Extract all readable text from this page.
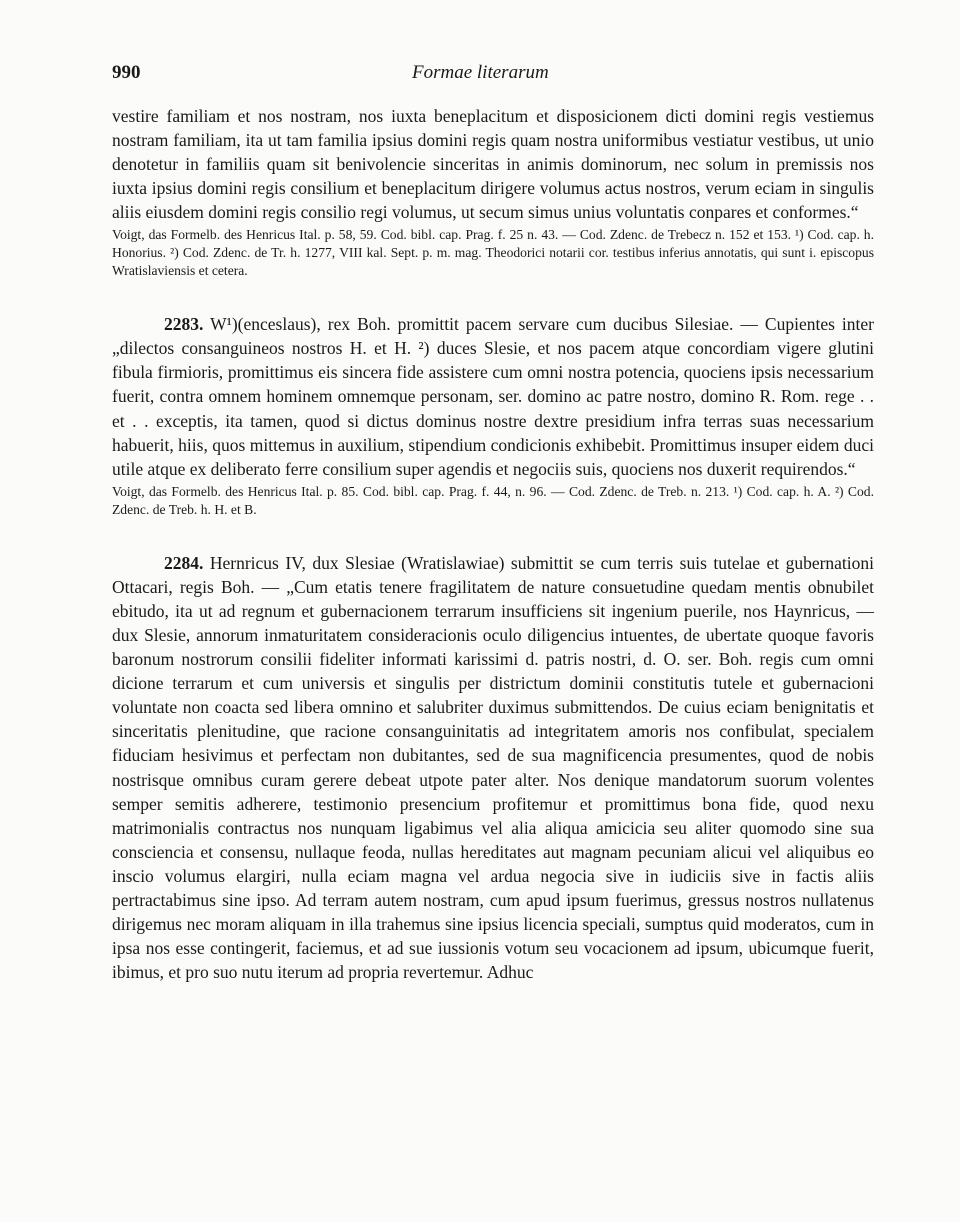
990	Formae literarum

vestire familiam et nos nostram, nos iuxta beneplacitum et disposicionem dicti domini regis vestiemus nostram familiam, ita ut tam familia ipsius domini regis quam nostra uniformibus vestiatur vestibus, ut unio denotetur in familiis quam sit benivolencie sinceritas in animis dominorum, nec solum in premissis nos iuxta ipsius domini regis consilium et beneplacitum dirigere volumus actus nostros, verum eciam in singulis aliis eiusdem domini regis consilio regi volumus, ut secum simus unius voluntatis conpares et conformes.“

Voigt, das Formelb. des Henricus Ital. p. 58, 59. Cod. bibl. cap. Prag. f. 25 n. 43. — Cod. Zdenc. de Trebecz n. 152 et 153. ¹) Cod. cap. h. Honorius. ²) Cod. Zdenc. de Tr. h. 1277, VIII kal. Sept. p. m. mag. Theodorici notarii cor. testibus inferius annotatis, qui sunt i. episcopus Wratislaviensis et cetera.

2283. W¹)(enceslaus), rex Boh. promittit pacem servare cum ducibus Silesiae. — Cupientes inter „dilectos consanguineos nostros H. et H. ²) duces Slesie, et nos pacem atque concordiam vigere glutini fibula firmioris, promittimus eis sincera fide assistere cum omni nostra potencia, quociens ipsis necessarium fuerit, contra omnem hominem omnemque personam, ser. domino ac patre nostro, domino R. Rom. rege . . et . . exceptis, ita tamen, quod si dictus dominus nostre dextre presidium infra terras suas necessarium habuerit, hiis, quos mittemus in auxilium, stipendium condicionis exhibebit. Promittimus insuper eidem duci utile atque ex deliberato ferre consilium super agendis et negociis suis, quociens nos duxerit requirendos.“

Voigt, das Formelb. des Henricus Ital. p. 85. Cod. bibl. cap. Prag. f. 44, n. 96. — Cod. Zdenc. de Treb. n. 213. ¹) Cod. cap. h. A. ²) Cod. Zdenc. de Treb. h. H. et B.

2284. Hernricus IV, dux Slesiae (Wratislawiae) submittit se cum terris suis tutelae et gubernationi Ottacari, regis Boh. — „Cum etatis tenere fragilitatem de nature consuetudine quedam mentis obnubilet ebitudo, ita ut ad regnum et gubernacionem terrarum insufficiens sit ingenium puerile, nos Haynricus, — dux Slesie, annorum inmaturitatem consideracionis oculo diligencius intuentes, de ubertate quoque favoris baronum nostrorum consilii fideliter informati karissimi d. patris nostri, d. O. ser. Boh. regis cum omni dicione terrarum et cum universis et singulis per districtum dominii constitutis tutele et gubernacioni voluntate non coacta sed libera omnino et salubriter duximus submittendos. De cuius eciam benignitatis et sinceritatis plenitudine, que racione consanguinitatis ad integritatem amoris nos confibulat, specialem fiduciam hesivimus et perfectam non dubitantes, sed de sua magnificencia presumentes, quod de nobis nostrisque omnibus curam gerere debeat utpote pater alter. Nos denique mandatorum suorum volentes semper semitis adherere, testimonio presencium profitemur et promittimus bona fide, quod nexu matrimonialis contractus nos nunquam ligabimus vel alia aliqua amicicia seu aliter quomodo sine sua consciencia et consensu, nullaque feoda, nullas hereditates aut magnam pecuniam alicui vel aliquibus eo inscio volumus elargiri, nulla eciam magna vel ardua negocia sive in iudiciis sive in factis aliis pertractabimus sine ipso. Ad terram autem nostram, cum apud ipsum fuerimus, gressus nostros nullatenus dirigemus nec moram aliquam in illa trahemus sine ipsius licencia speciali, sumptus quid moderatos, cum in ipsa nos esse contingerit, faciemus, et ad sue iussionis votum seu vocacionem ad ipsum, ubicumque fuerit, ibimus, et pro suo nutu iterum ad propria revertemur. Adhuc
